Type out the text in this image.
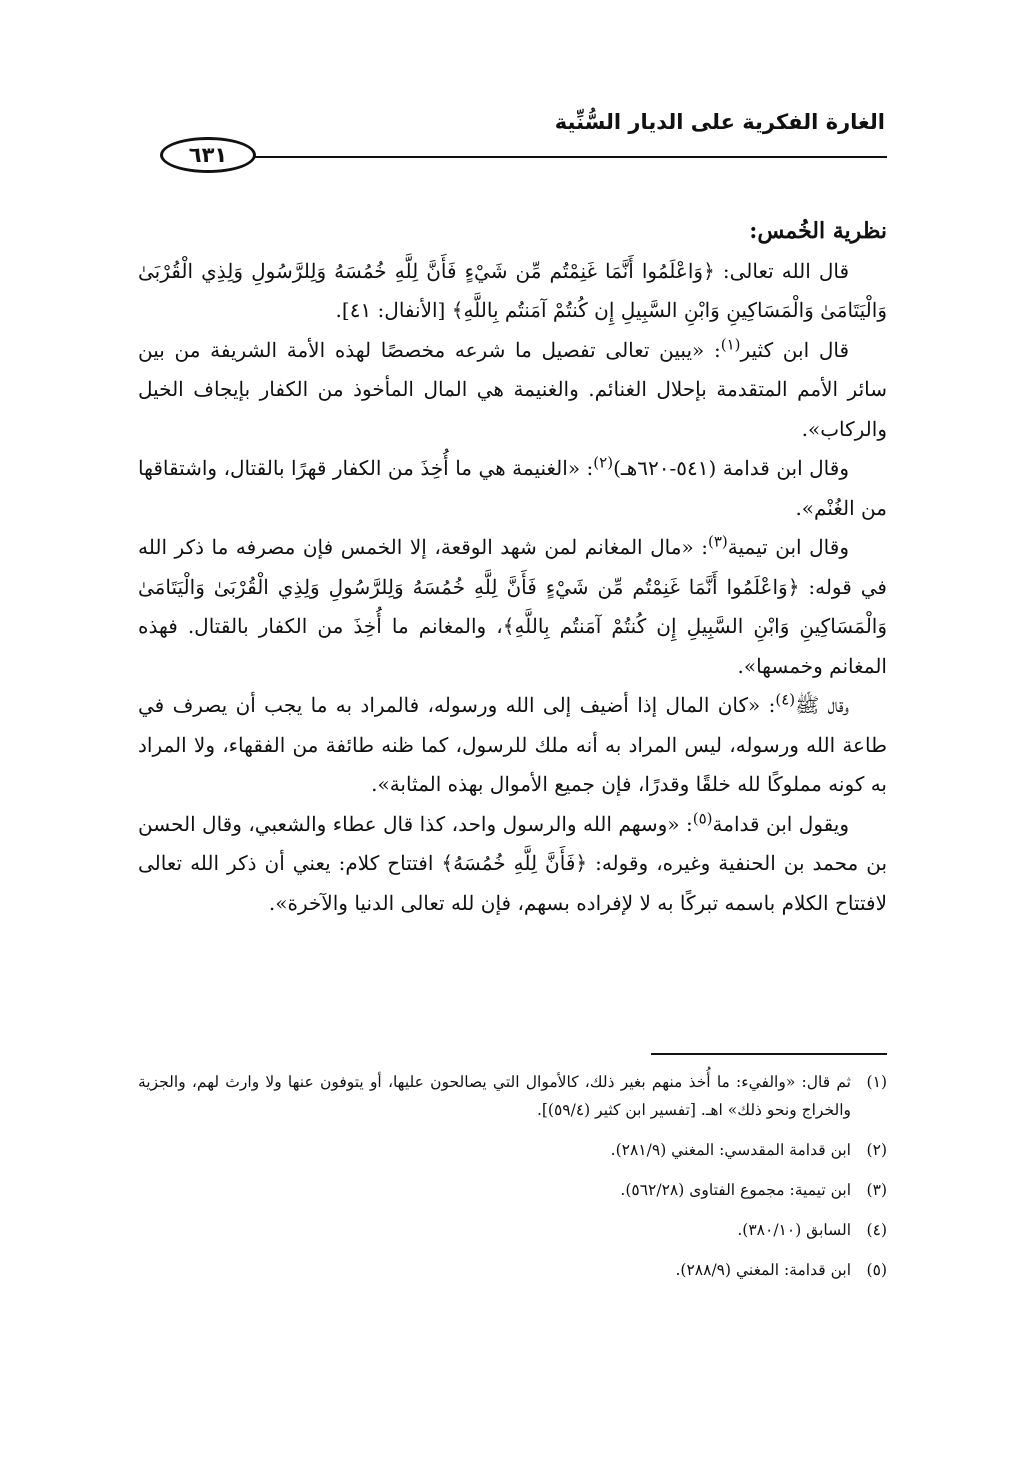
الغارة الفكرية على الديار السُّنِّية
٦٣١

نظرية الخُمس:

قال الله تعالى: ﴿وَاعْلَمُوا أَنَّمَا غَنِمْتُم مِّن شَيْءٍ فَأَنَّ لِلَّهِ خُمُسَهُ وَلِلرَّسُولِ وَلِذِي الْقُرْبَىٰ وَالْيَتَامَىٰ وَالْمَسَاكِينِ وَابْنِ السَّبِيلِ إِن كُنتُمْ آمَنتُم بِاللَّهِ﴾ [الأنفال: ٤١].

قال ابن كثير$^{(١)}$: «يبين تعالى تفصيل ما شرعه مخصصًا لهذه الأمة الشريفة من بين سائر الأمم المتقدمة بإحلال الغنائم. والغنيمة هي المال المأخوذ من الكفار بإيجاف الخيل والركاب».

وقال ابن قدامة (٥٤١-٦٢٠هـ)$^{(٢)}$: «الغنيمة هي ما أُخِذَ من الكفار قهرًا بالقتال، واشتقاقها من الغُنْم».

وقال ابن تيمية$^{(٣)}$: «مال المغانم لمن شهد الوقعة، إلا الخمس فإن مصرفه ما ذكر الله في قوله: ﴿وَاعْلَمُوا أَنَّمَا غَنِمْتُم مِّن شَيْءٍ فَأَنَّ لِلَّهِ خُمُسَهُ وَلِلرَّسُولِ وَلِذِي الْقُرْبَىٰ وَالْيَتَامَىٰ وَالْمَسَاكِينِ وَابْنِ السَّبِيلِ إِن كُنتُمْ آمَنتُم بِاللَّهِ﴾، والمغانم ما أُخِذَ من الكفار بالقتال. فهذه المغانم وخمسها».

وقال ﷺ$^{(٤)}$: «كان المال إذا أضيف إلى الله ورسوله، فالمراد به ما يجب أن يصرف في طاعة الله ورسوله، ليس المراد به أنه ملك للرسول، كما ظنه طائفة من الفقهاء، ولا المراد به كونه مملوكًا لله خلقًا وقدرًا، فإن جميع الأموال بهذه المثابة».

ويقول ابن قدامة$^{(٥)}$: «وسهم الله والرسول واحد، كذا قال عطاء والشعبي، وقال الحسن بن محمد بن الحنفية وغيره، وقوله: ﴿فَأَنَّ لِلَّهِ خُمُسَهُ﴾ افتتاح كلام: يعني أن ذكر الله تعالى لافتتاح الكلام باسمه تبركًا به لا لإفراده بسهم، فإن لله تعالى الدنيا والآخرة».

(١)
ثم قال: «والفيء: ما أُخذ منهم بغير ذلك، كالأموال التي يصالحون عليها، أو يتوفون عنها ولا وارث لهم، والجزية والخراج ونحو ذلك» اهـ. [تفسير ابن كثير (٥٩/٤)].
(٢)
ابن قدامة المقدسي: المغني (٢٨١/٩).
(٣)
ابن تيمية: مجموع الفتاوى (٥٦٢/٢٨).
(٤)
السابق (٣٨٠/١٠).
(٥)
ابن قدامة: المغني (٢٨٨/٩).
